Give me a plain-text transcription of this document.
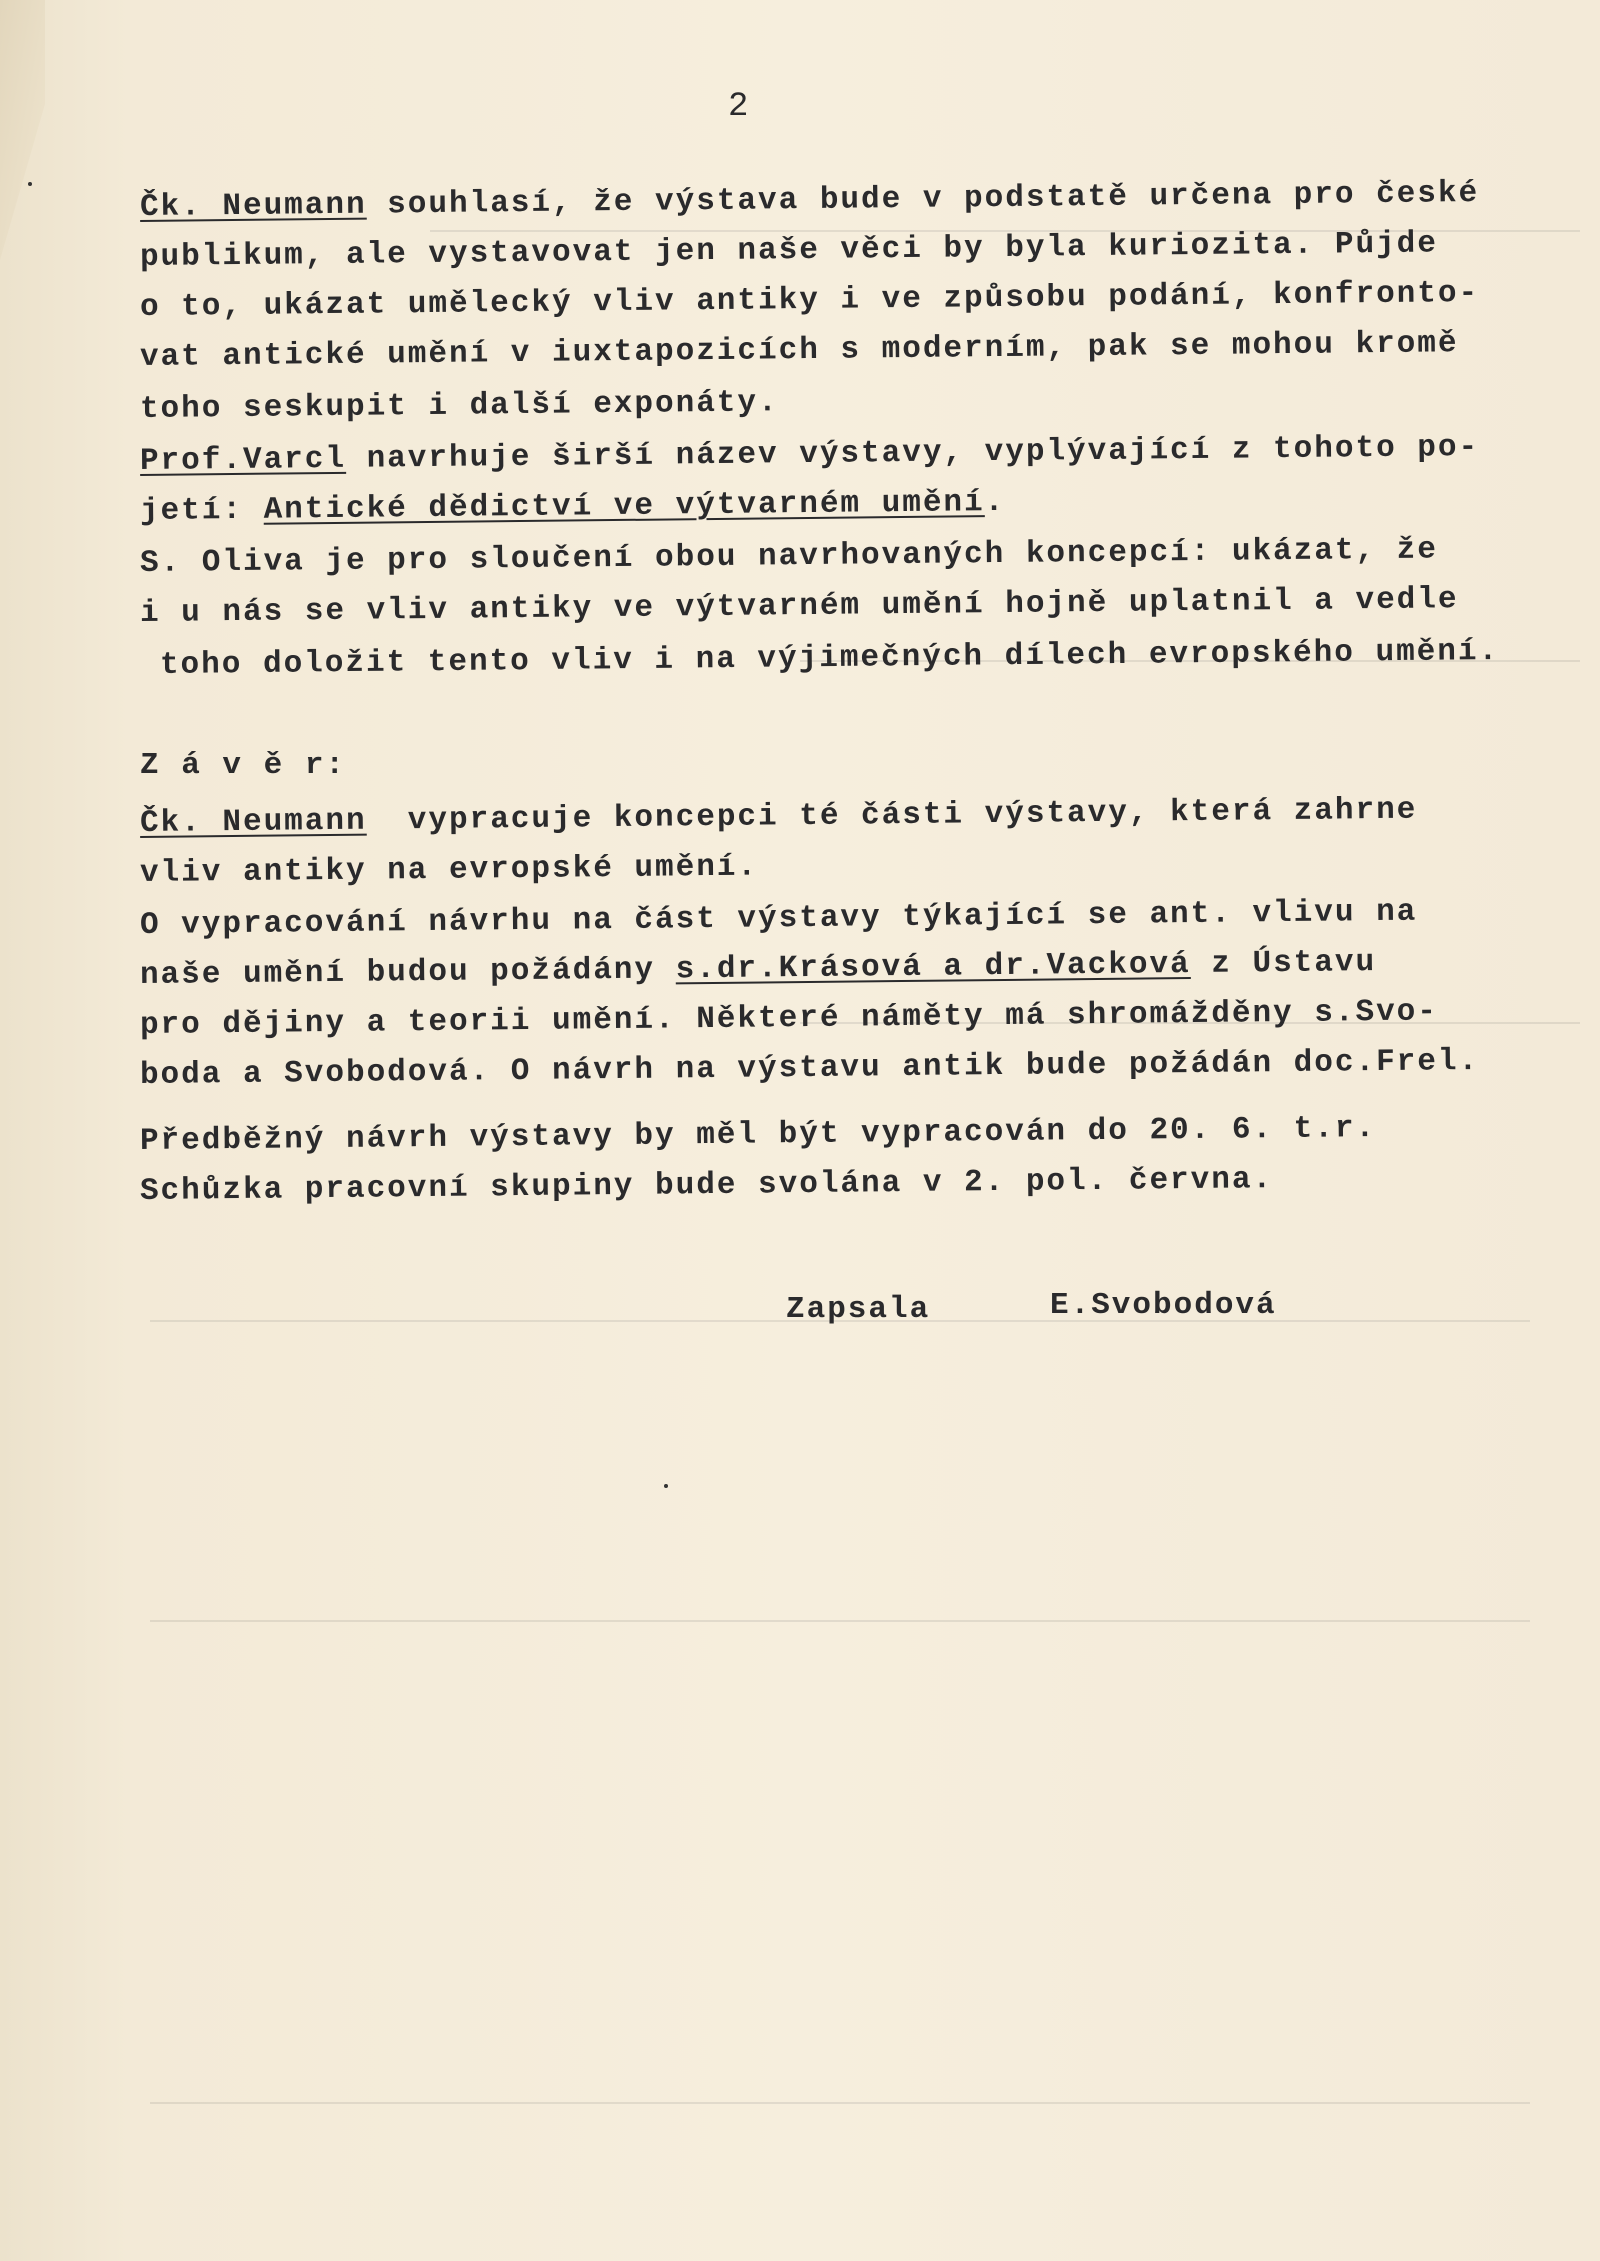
2
Čk. Neumann souhlasí, že výstava bude v podstatě určena pro české
publikum, ale vystavovat jen naše věci by byla kuriozita. Půjde
o to, ukázat umělecký vliv antiky i ve způsobu podání, konfronto-
vat antické umění v iuxtapozicích s moderním, pak se mohou kromě
toho seskupit i další exponáty.
Prof.Varcl navrhuje širší název výstavy, vyplývající z tohoto po-
jetí: Antické dědictví ve výtvarném umění.
S. Oliva je pro sloučení obou navrhovaných koncepcí: ukázat, že
i u nás se vliv antiky ve výtvarném umění hojně uplatnil a vedle
toho doložit tento vliv i na výjimečných dílech evropského umění.
Z á v ě r:
Čk. Neumann  vypracuje koncepci té části výstavy, která zahrne
vliv antiky na evropské umění.
O vypracování návrhu na část výstavy týkající se ant. vlivu na
naše umění budou požádány s.dr.Krásová a dr.Vacková z Ústavu
pro dějiny a teorii umění. Některé náměty má shromážděny s.Svo-
boda a Svobodová. O návrh na výstavu antik bude požádán doc.Frel.
Předběžný návrh výstavy by měl být vypracován do 20. 6. t.r.
Schůzka pracovní skupiny bude svolána v 2. pol. června.
Zapsala	E.Svobodová
